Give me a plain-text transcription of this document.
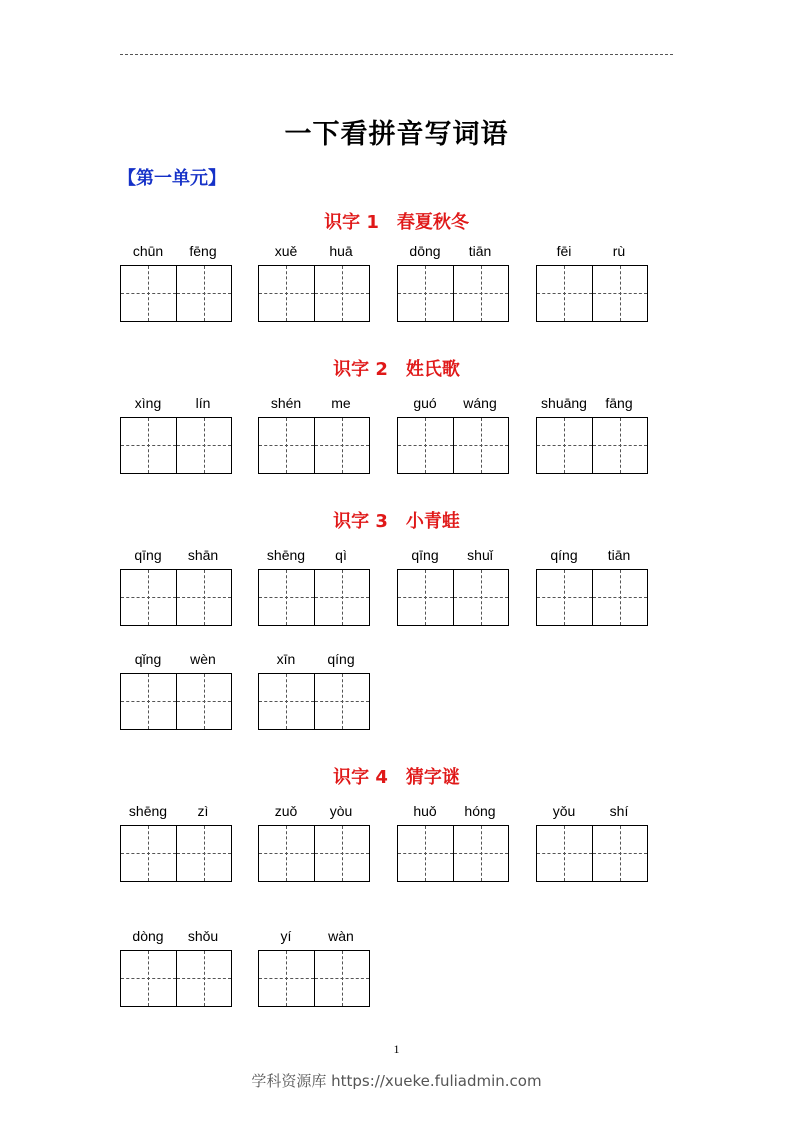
一下看拼音写词语
【第一单元】
识字 1　春夏秋冬
识字 2　姓氏歌
识字 3　小青蛙
识字 4　猜字谜
chūn	fēng	xuě	huā	dōng	tiān	fēi	rù
xìng	lín	shén	me	guó	wáng	shuāng	fāng
qīng	shān	shēng	qì	qīng	shuǐ	qíng	tiān
qǐng	wèn	xīn	qíng
shēng	zì	zuǒ	yòu	huǒ	hóng	yǒu	shí
dòng	shǒu	yí	wàn
1
学科资源库 https://xueke.fuliadmin.com
